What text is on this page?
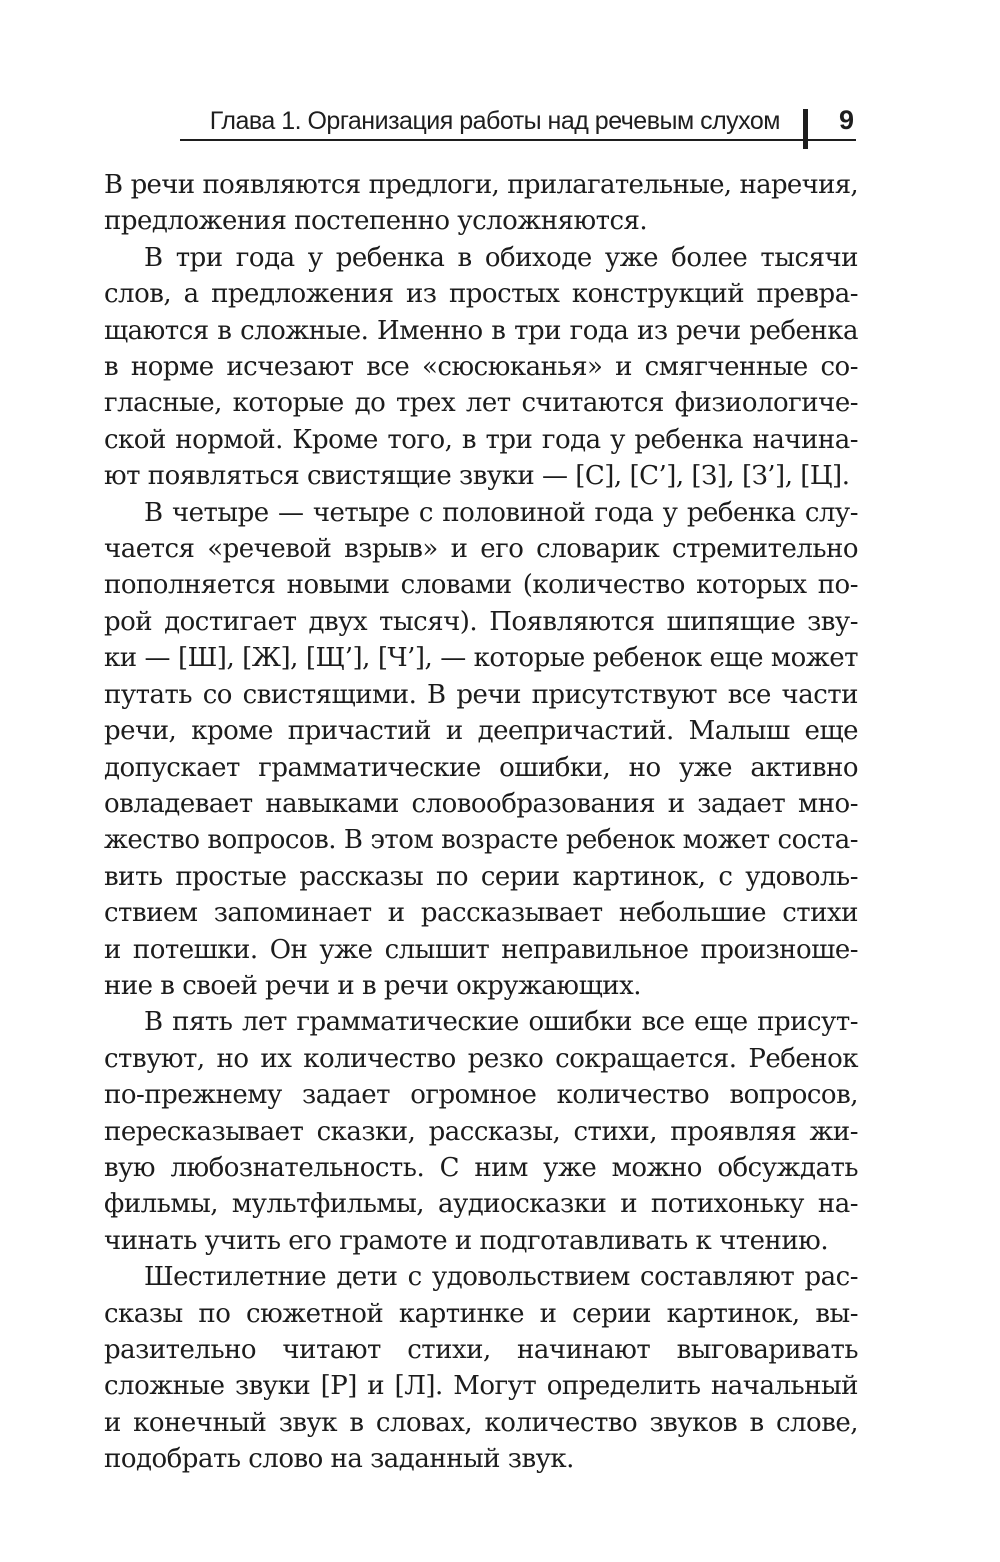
Глава 1. Организация работы над речевым слухом 9

В речи появляются предлоги, прилагательные, наречия,
предложения постепенно усложняются.

В три года у ребенка в обиходе уже более тысячи
слов, а предложения из простых конструкций превра-
щаются в сложные. Именно в три года из речи ребенка
в норме исчезают все «сюсюканья» и смягченные со-
гласные, которые до трех лет считаются физиологиче-
ской нормой. Кроме того, в три года у ребенка начина-
ют появляться свистящие звуки — [С], [С’], [З], [З’], [Ц].

В четыре — четыре с половиной года у ребенка слу-
чается «речевой взрыв» и его словарик стремительно
пополняется новыми словами (количество которых по-
рой достигает двух тысяч). Появляются шипящие зву-
ки — [Ш], [Ж], [Щ’], [Ч’], — которые ребенок еще может
путать со свистящими. В речи присутствуют все части
речи, кроме причастий и деепричастий. Малыш еще
допускает грамматические ошибки, но уже активно
овладевает навыками словообразования и задает мно-
жество вопросов. В этом возрасте ребенок может соста-
вить простые рассказы по серии картинок, с удоволь-
ствием запоминает и рассказывает небольшие стихи
и потешки. Он уже слышит неправильное произноше-
ние в своей речи и в речи окружающих.

В пять лет грамматические ошибки все еще присут-
ствуют, но их количество резко сокращается. Ребенок
по-прежнему задает огромное количество вопросов,
пересказывает сказки, рассказы, стихи, проявляя жи-
вую любознательность. С ним уже можно обсуждать
фильмы, мультфильмы, аудиосказки и потихоньку на-
чинать учить его грамоте и подготавливать к чтению.

Шестилетние дети с удовольствием составляют рас-
сказы по сюжетной картинке и серии картинок, вы-
разительно читают стихи, начинают выговаривать
сложные звуки [Р] и [Л]. Могут определить начальный
и конечный звук в словах, количество звуков в слове,
подобрать слово на заданный звук.
